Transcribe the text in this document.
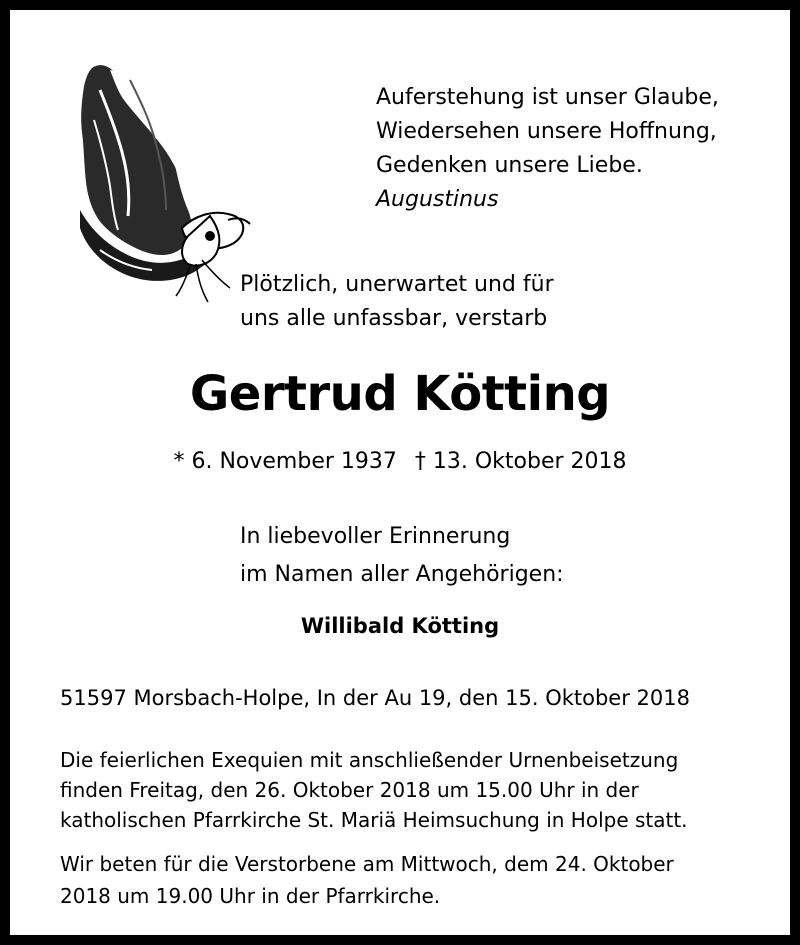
Auferstehung ist unser Glaube,
Wiedersehen unsere Hoffnung,
Gedenken unsere Liebe.
Augustinus
Plötzlich, unerwartet und für
uns alle unfassbar, verstarb
Gertrud Kötting
* 6. November 1937 † 13. Oktober 2018
In liebevoller Erinnerung
im Namen aller Angehörigen:
Willibald Kötting
51597 Morsbach-Holpe, In der Au 19, den 15. Oktober 2018
Die feierlichen Exequien mit anschließender Urnenbeisetzung
finden Freitag, den 26. Oktober 2018 um 15.00 Uhr in der
katholischen Pfarrkirche St. Mariä Heimsuchung in Holpe statt.
Wir beten für die Verstorbene am Mittwoch, dem 24. Oktober
2018 um 19.00 Uhr in der Pfarrkirche.
